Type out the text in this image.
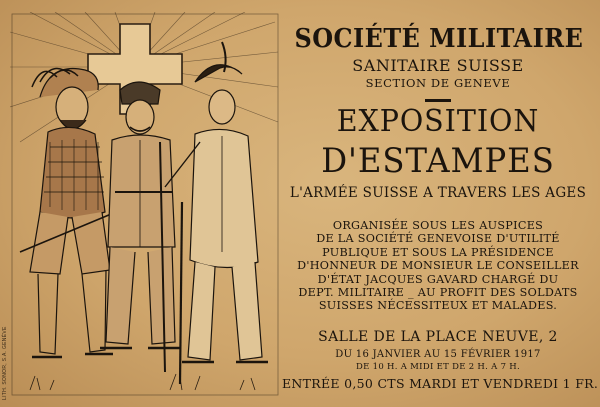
LITH. SONOR, S.A. GENÈVE
SOCIÉTÉ MILITAIRE
SANITAIRE SUISSE
SECTION DE GENEVE
EXPOSITION
D'ESTAMPES
L'ARMÉE SUISSE A TRAVERS LES AGES
ORGANISÉE SOUS LES AUSPICES
DE LA SOCIÉTÉ GENEVOISE D'UTILITÉ
PUBLIQUE ET SOUS LA PRÉSIDENCE
D'HONNEUR DE MONSIEUR LE CONSEILLER
D'ÉTAT JACQUES GAVARD CHARGÉ DU
DEPT. MILITAIRE _ AU PROFIT DES SOLDATS
SUISSES NÉCESSITEUX ET MALADES.
SALLE DE LA PLACE NEUVE, 2
DU 16 JANVIER AU 15 FÉVRIER 1917
DE 10 H. A MIDI ET DE 2 H. A 7 H.
ENTRÉE 0,50 CTS MARDI ET VENDREDI 1 FR.
